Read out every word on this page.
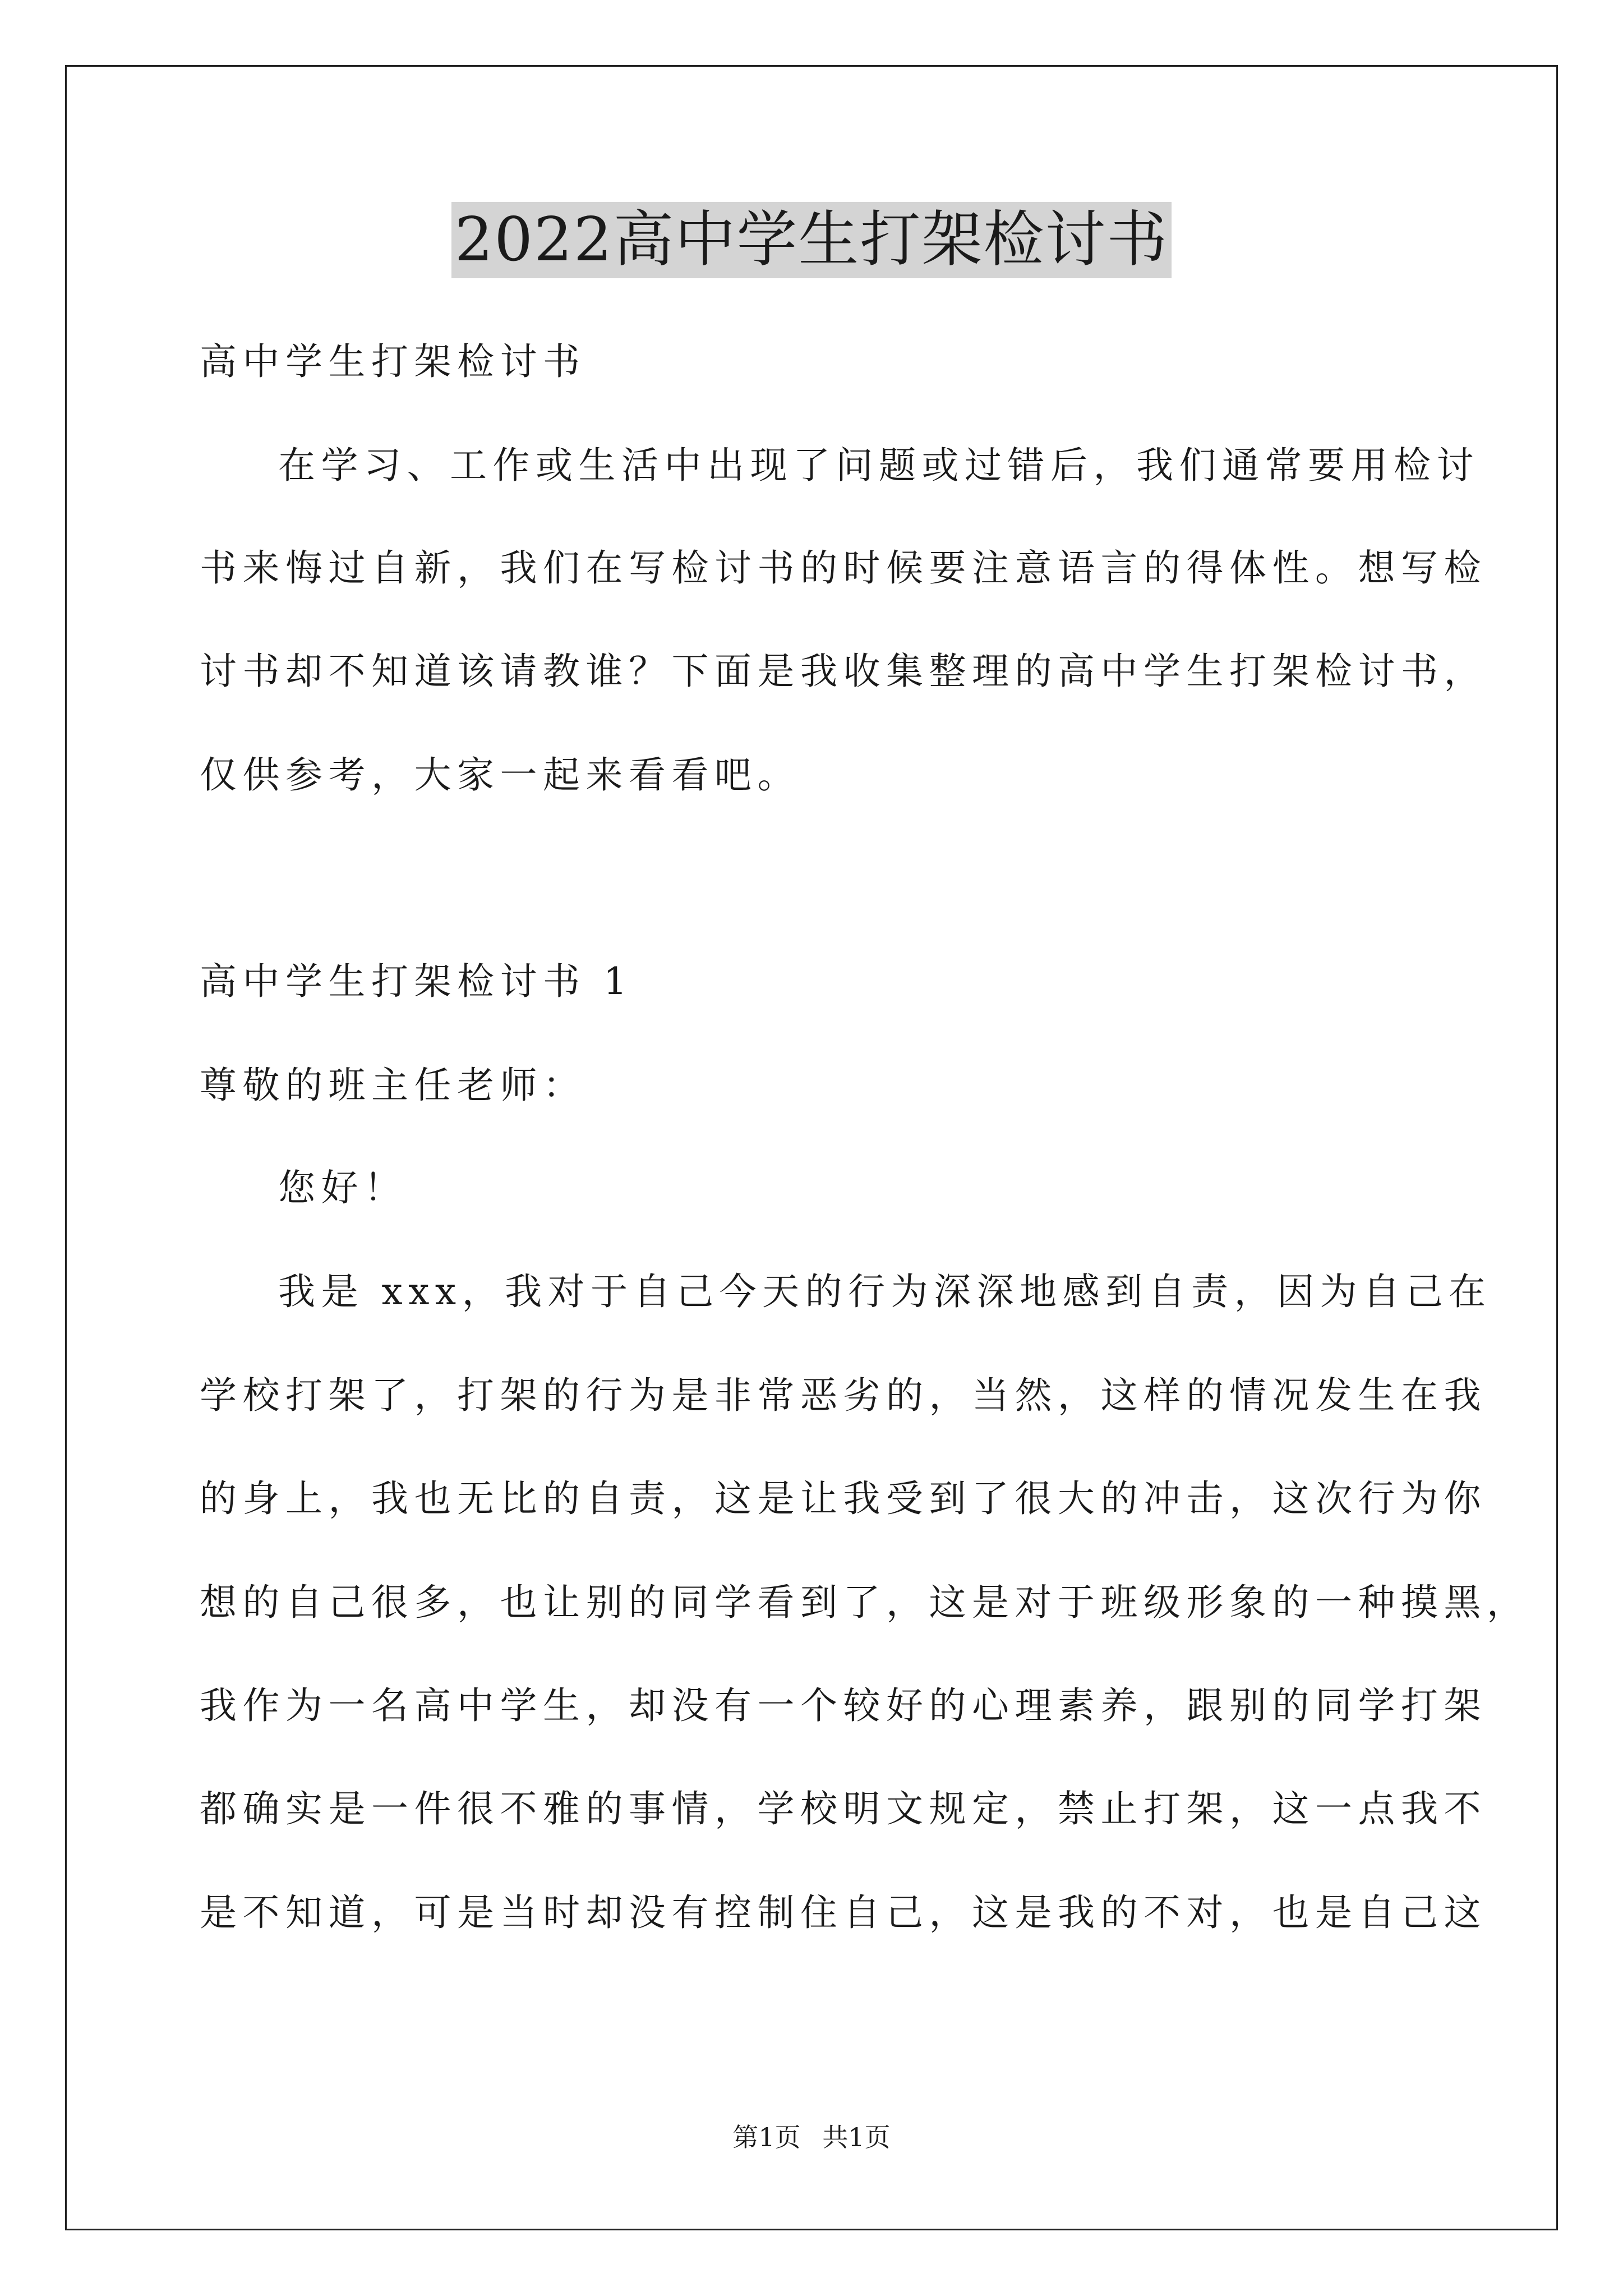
2022高中学生打架检讨书
高中学生打架检讨书
在学习、工作或生活中出现了问题或过错后，我们通常要用检讨
书来悔过自新，我们在写检讨书的时候要注意语言的得体性。想写检
讨书却不知道该请教谁？下面是我收集整理的高中学生打架检讨书，
仅供参考，大家一起来看看吧。
高中学生打架检讨书 1
尊敬的班主任老师：
您好！
我是 xxx，我对于自己今天的行为深深地感到自责，因为自己在
学校打架了，打架的行为是非常恶劣的，当然，这样的情况发生在我
的身上，我也无比的自责，这是让我受到了很大的冲击，这次行为你
想的自己很多，也让别的同学看到了，这是对于班级形象的一种摸黑，
我作为一名高中学生，却没有一个较好的心理素养，跟别的同学打架
都确实是一件很不雅的事情，学校明文规定，禁止打架，这一点我不
是不知道，可是当时却没有控制住自己，这是我的不对，也是自己这
第1页 共1页
